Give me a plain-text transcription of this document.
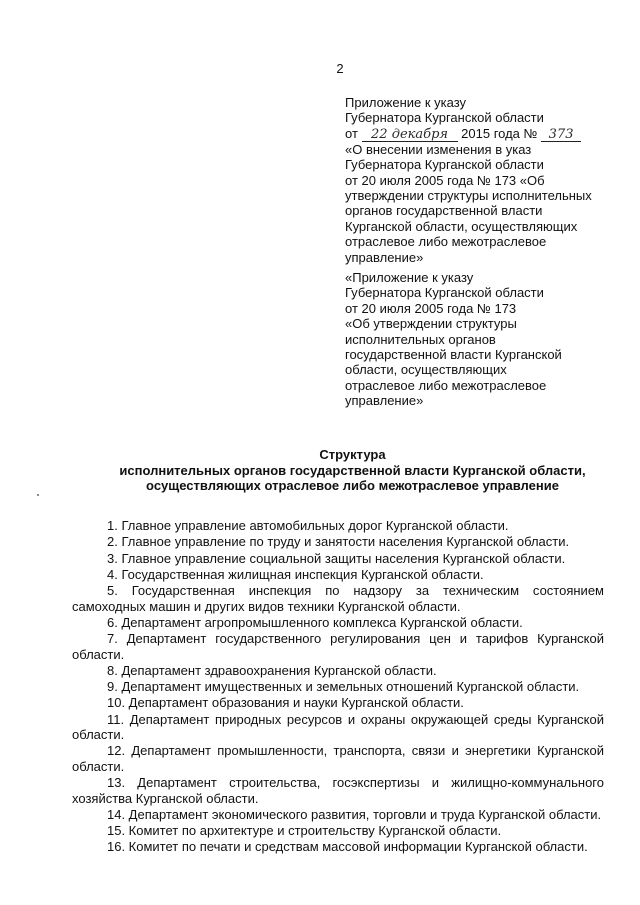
2
Приложение к указу
Губернатора Курганской области
от 22 декабря 2015 года № 373
«О внесении изменения в указ
Губернатора Курганской области
от 20 июля 2005 года № 173 «Об
утверждении структуры исполнительных
органов государственной власти
Курганской области, осуществляющих
отраслевое либо межотраслевое
управление»
«Приложение к указу
Губернатора Курганской области
от 20 июля 2005 года № 173
«Об утверждении структуры
исполнительных органов
государственной власти Курганской
области, осуществляющих
отраслевое либо межотраслевое
управление»
Структура
исполнительных органов государственной власти Курганской области,
осуществляющих отраслевое либо межотраслевое управление
1. Главное управление автомобильных дорог Курганской области.
2. Главное управление по труду и занятости населения Курганской области.
3. Главное управление социальной защиты населения Курганской области.
4. Государственная жилищная инспекция Курганской области.
5. Государственная инспекция по надзору за техническим состоянием самоходных машин и других видов техники Курганской области.
6. Департамент агропромышленного комплекса Курганской области.
7. Департамент государственного регулирования цен и тарифов Курганской области.
8. Департамент здравоохранения Курганской области.
9. Департамент имущественных и земельных отношений Курганской области.
10. Департамент образования и науки Курганской области.
11. Департамент природных ресурсов и охраны окружающей среды Курганской области.
12. Департамент промышленности, транспорта, связи и энергетики Курганской области.
13. Департамент строительства, госэкспертизы и жилищно-коммунального хозяйства Курганской области.
14. Департамент экономического развития, торговли и труда Курганской области.
15. Комитет по архитектуре и строительству Курганской области.
16. Комитет по печати и средствам массовой информации Курганской области.
